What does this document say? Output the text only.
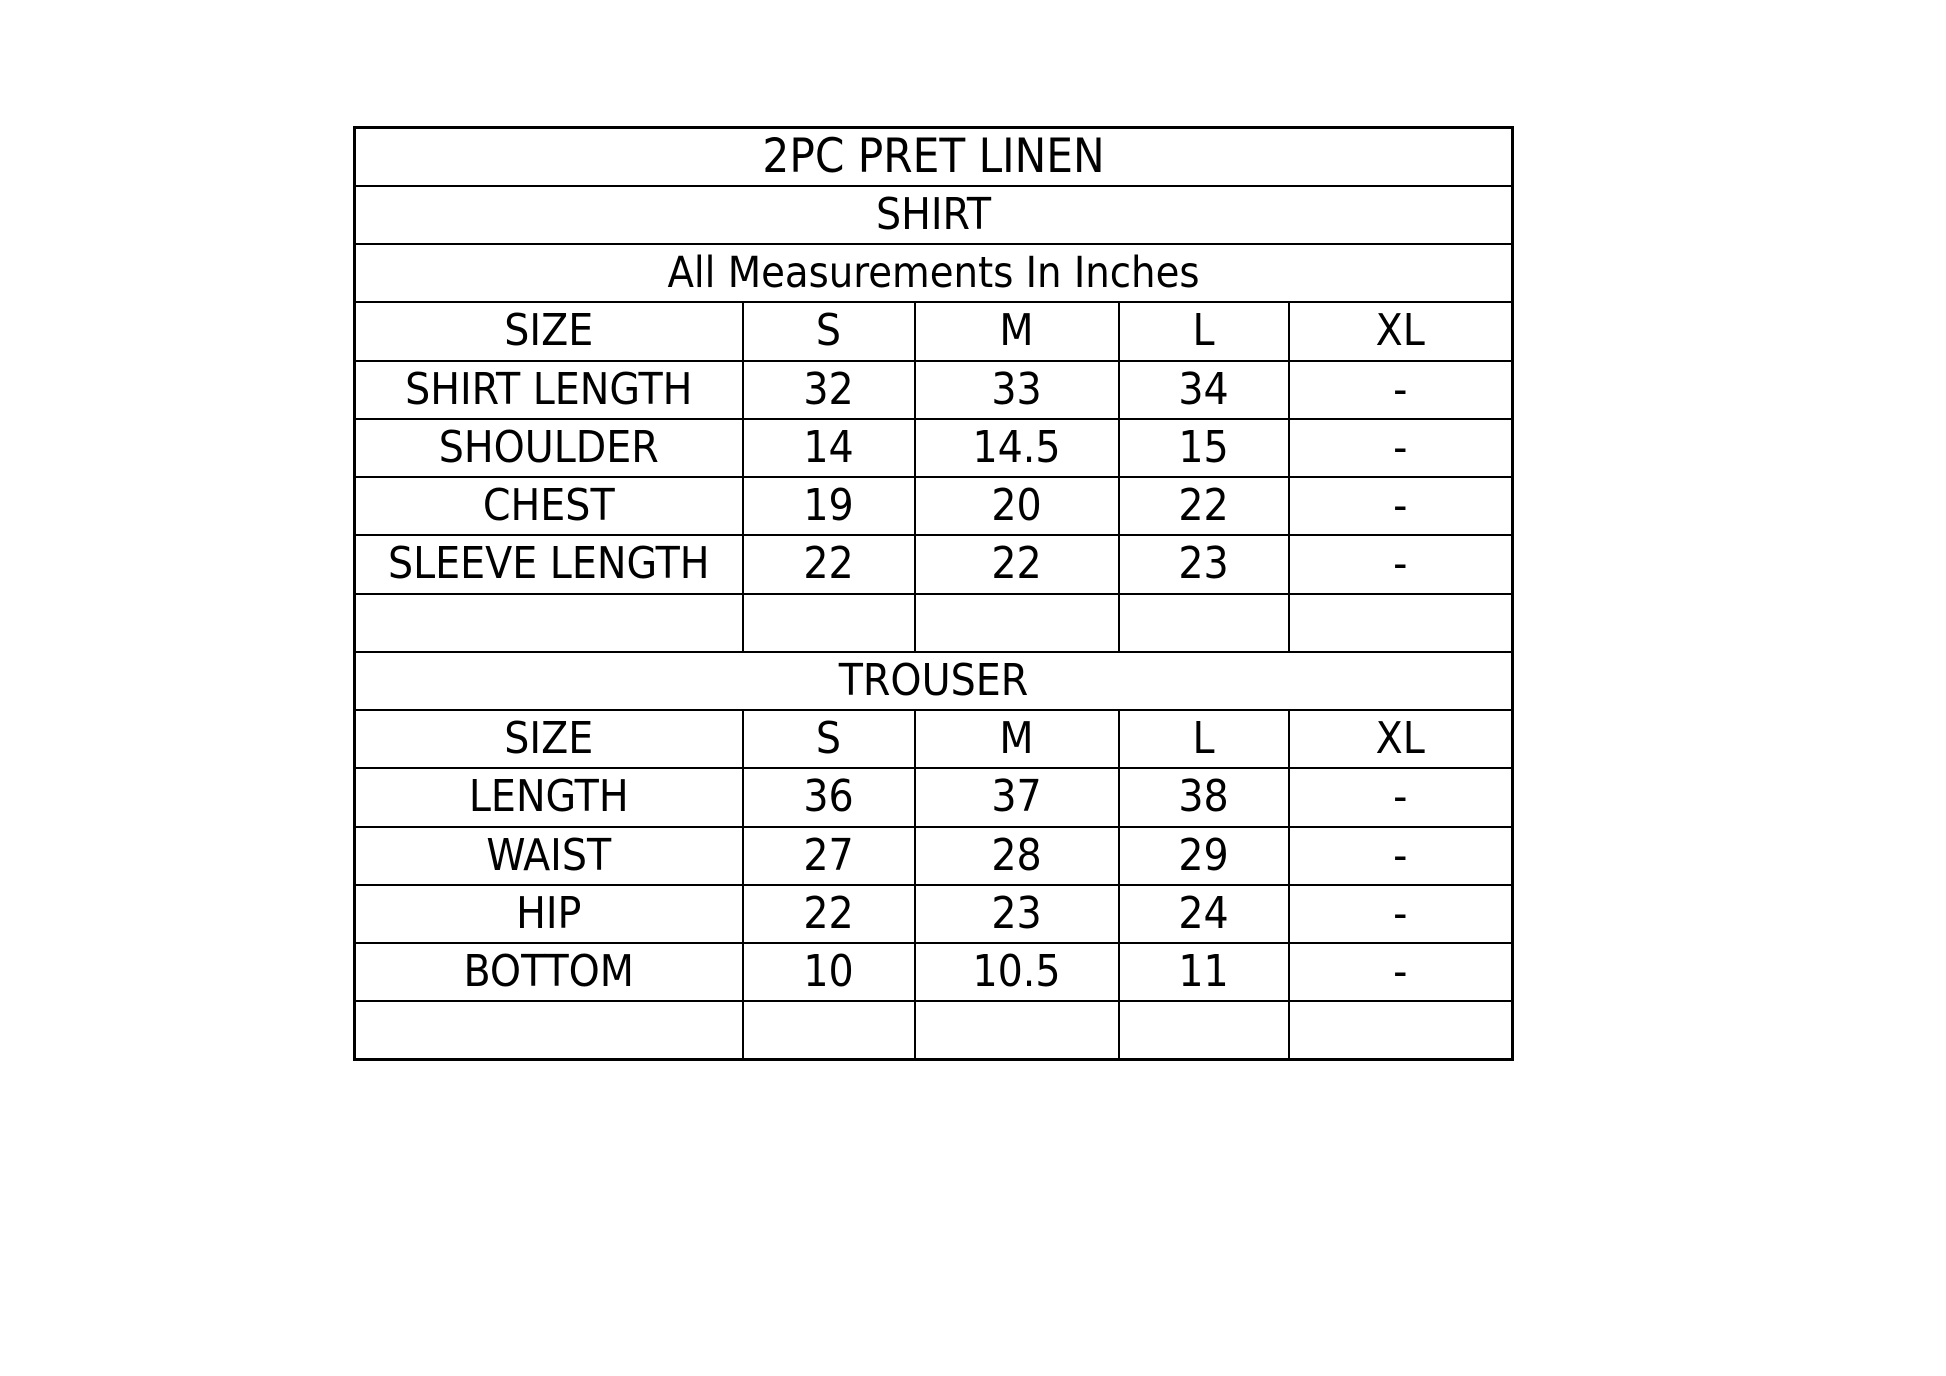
2PC PRET LINEN				
SHIRT				
All Measurements In Inches				
SIZE	S	M	L	XL
SHIRT LENGTH	32	33	34	-
SHOULDER	14	14.5	15	-
CHEST	19	20	22	-
SLEEVE LENGTH	22	22	23	-

TROUSER				
SIZE	S	M	L	XL
LENGTH	36	37	38	-
WAIST	27	28	29	-
HIP	22	23	24	-
BOTTOM	10	10.5	11	-
